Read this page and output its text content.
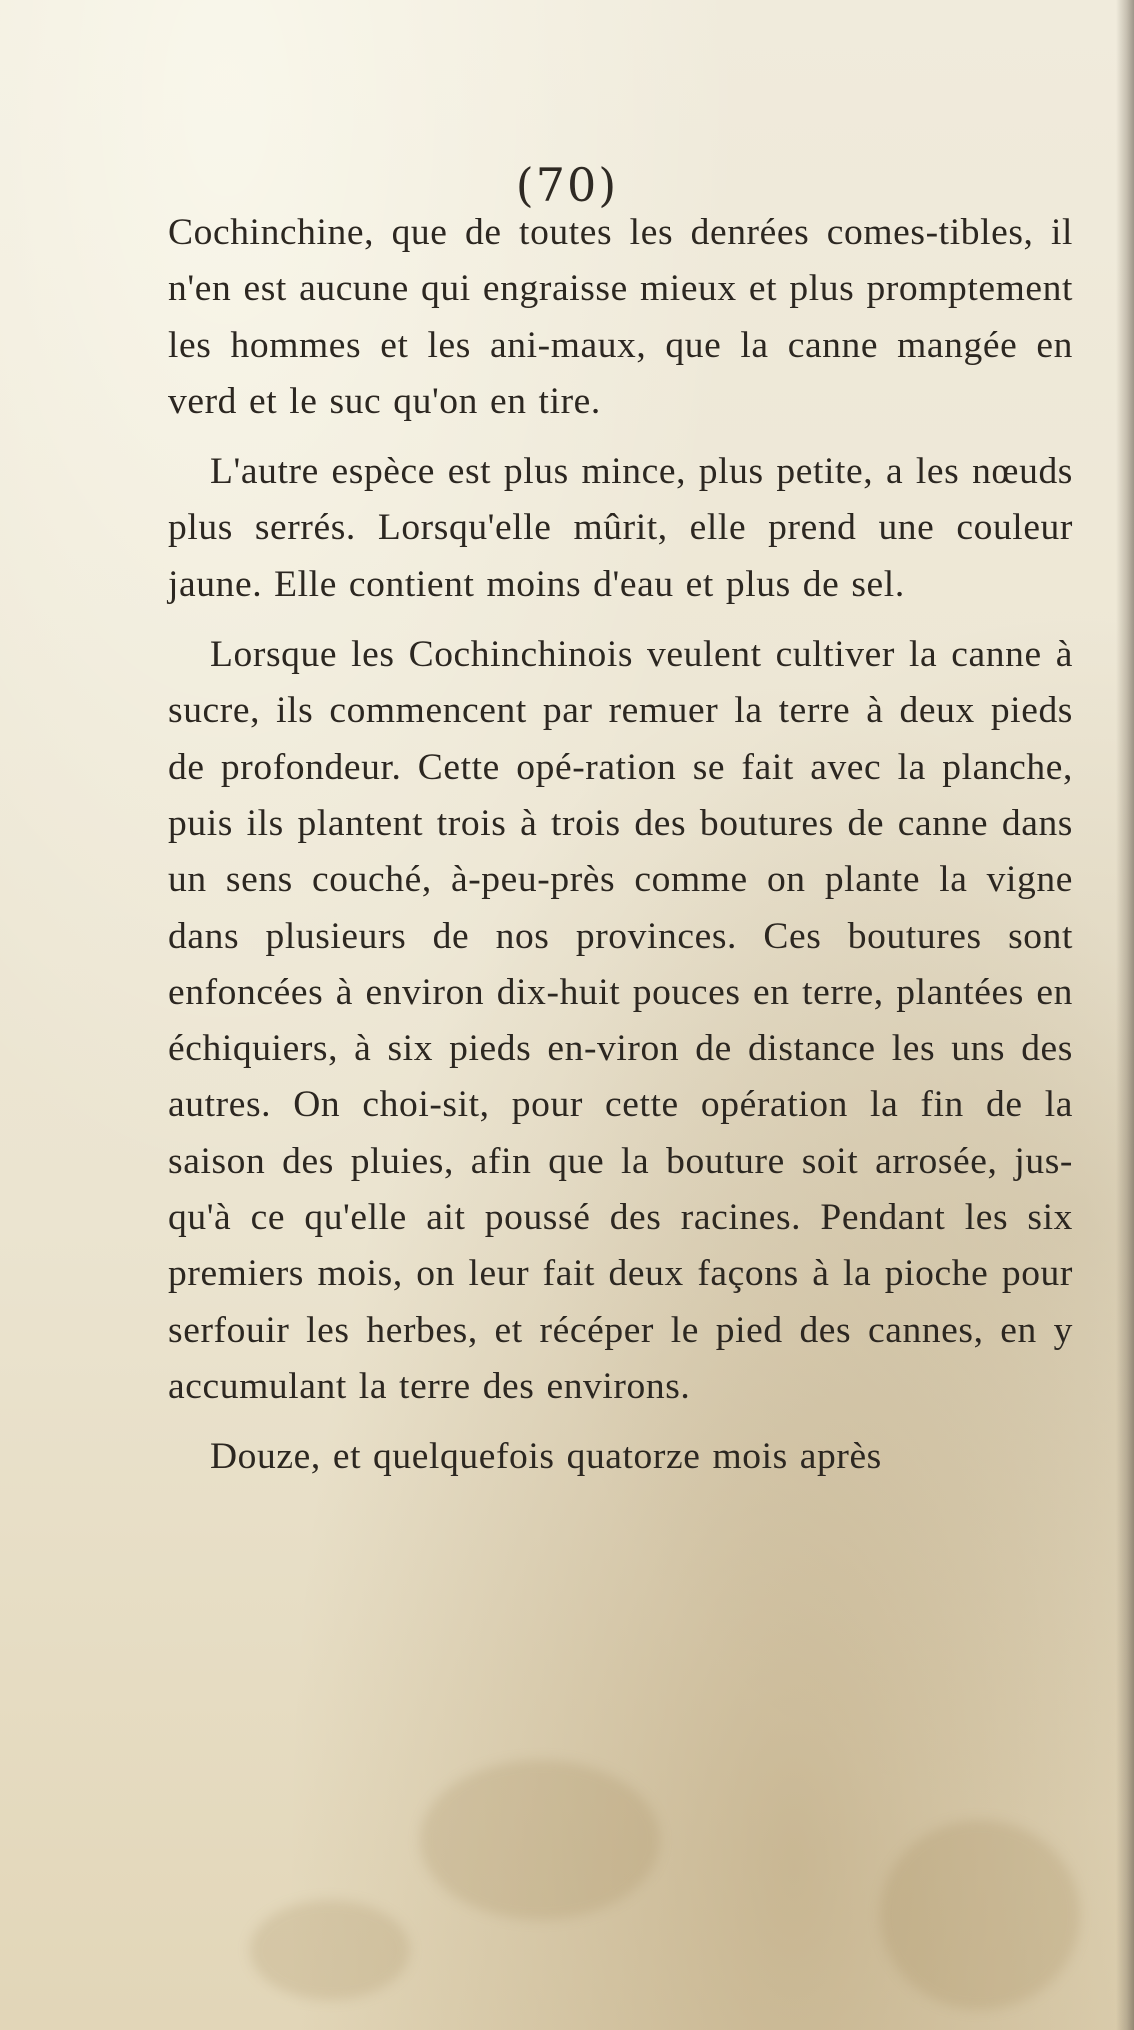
(70)

Cochinchine, que de toutes les denrées comes-tibles, il n'en est aucune qui engraisse mieux et plus promptement les hommes et les ani-maux, que la canne mangée en verd et le suc qu'on en tire.

L'autre espèce est plus mince, plus petite, a les nœuds plus serrés. Lorsqu'elle mûrit, elle prend une couleur jaune. Elle contient moins d'eau et plus de sel.

Lorsque les Cochinchinois veulent cultiver la canne à sucre, ils commencent par remuer la terre à deux pieds de profondeur. Cette opé-ration se fait avec la planche, puis ils plantent trois à trois des boutures de canne dans un sens couché, à-peu-près comme on plante la vigne dans plusieurs de nos provinces. Ces boutures sont enfoncées à environ dix-huit pouces en terre, plantées en échiquiers, à six pieds en-viron de distance les uns des autres. On choi-sit, pour cette opération la fin de la saison des pluies, afin que la bouture soit arrosée, jus-qu'à ce qu'elle ait poussé des racines. Pendant les six premiers mois, on leur fait deux façons à la pioche pour serfouir les herbes, et récéper le pied des cannes, en y accumulant la terre des environs.

Douze, et quelquefois quatorze mois après
